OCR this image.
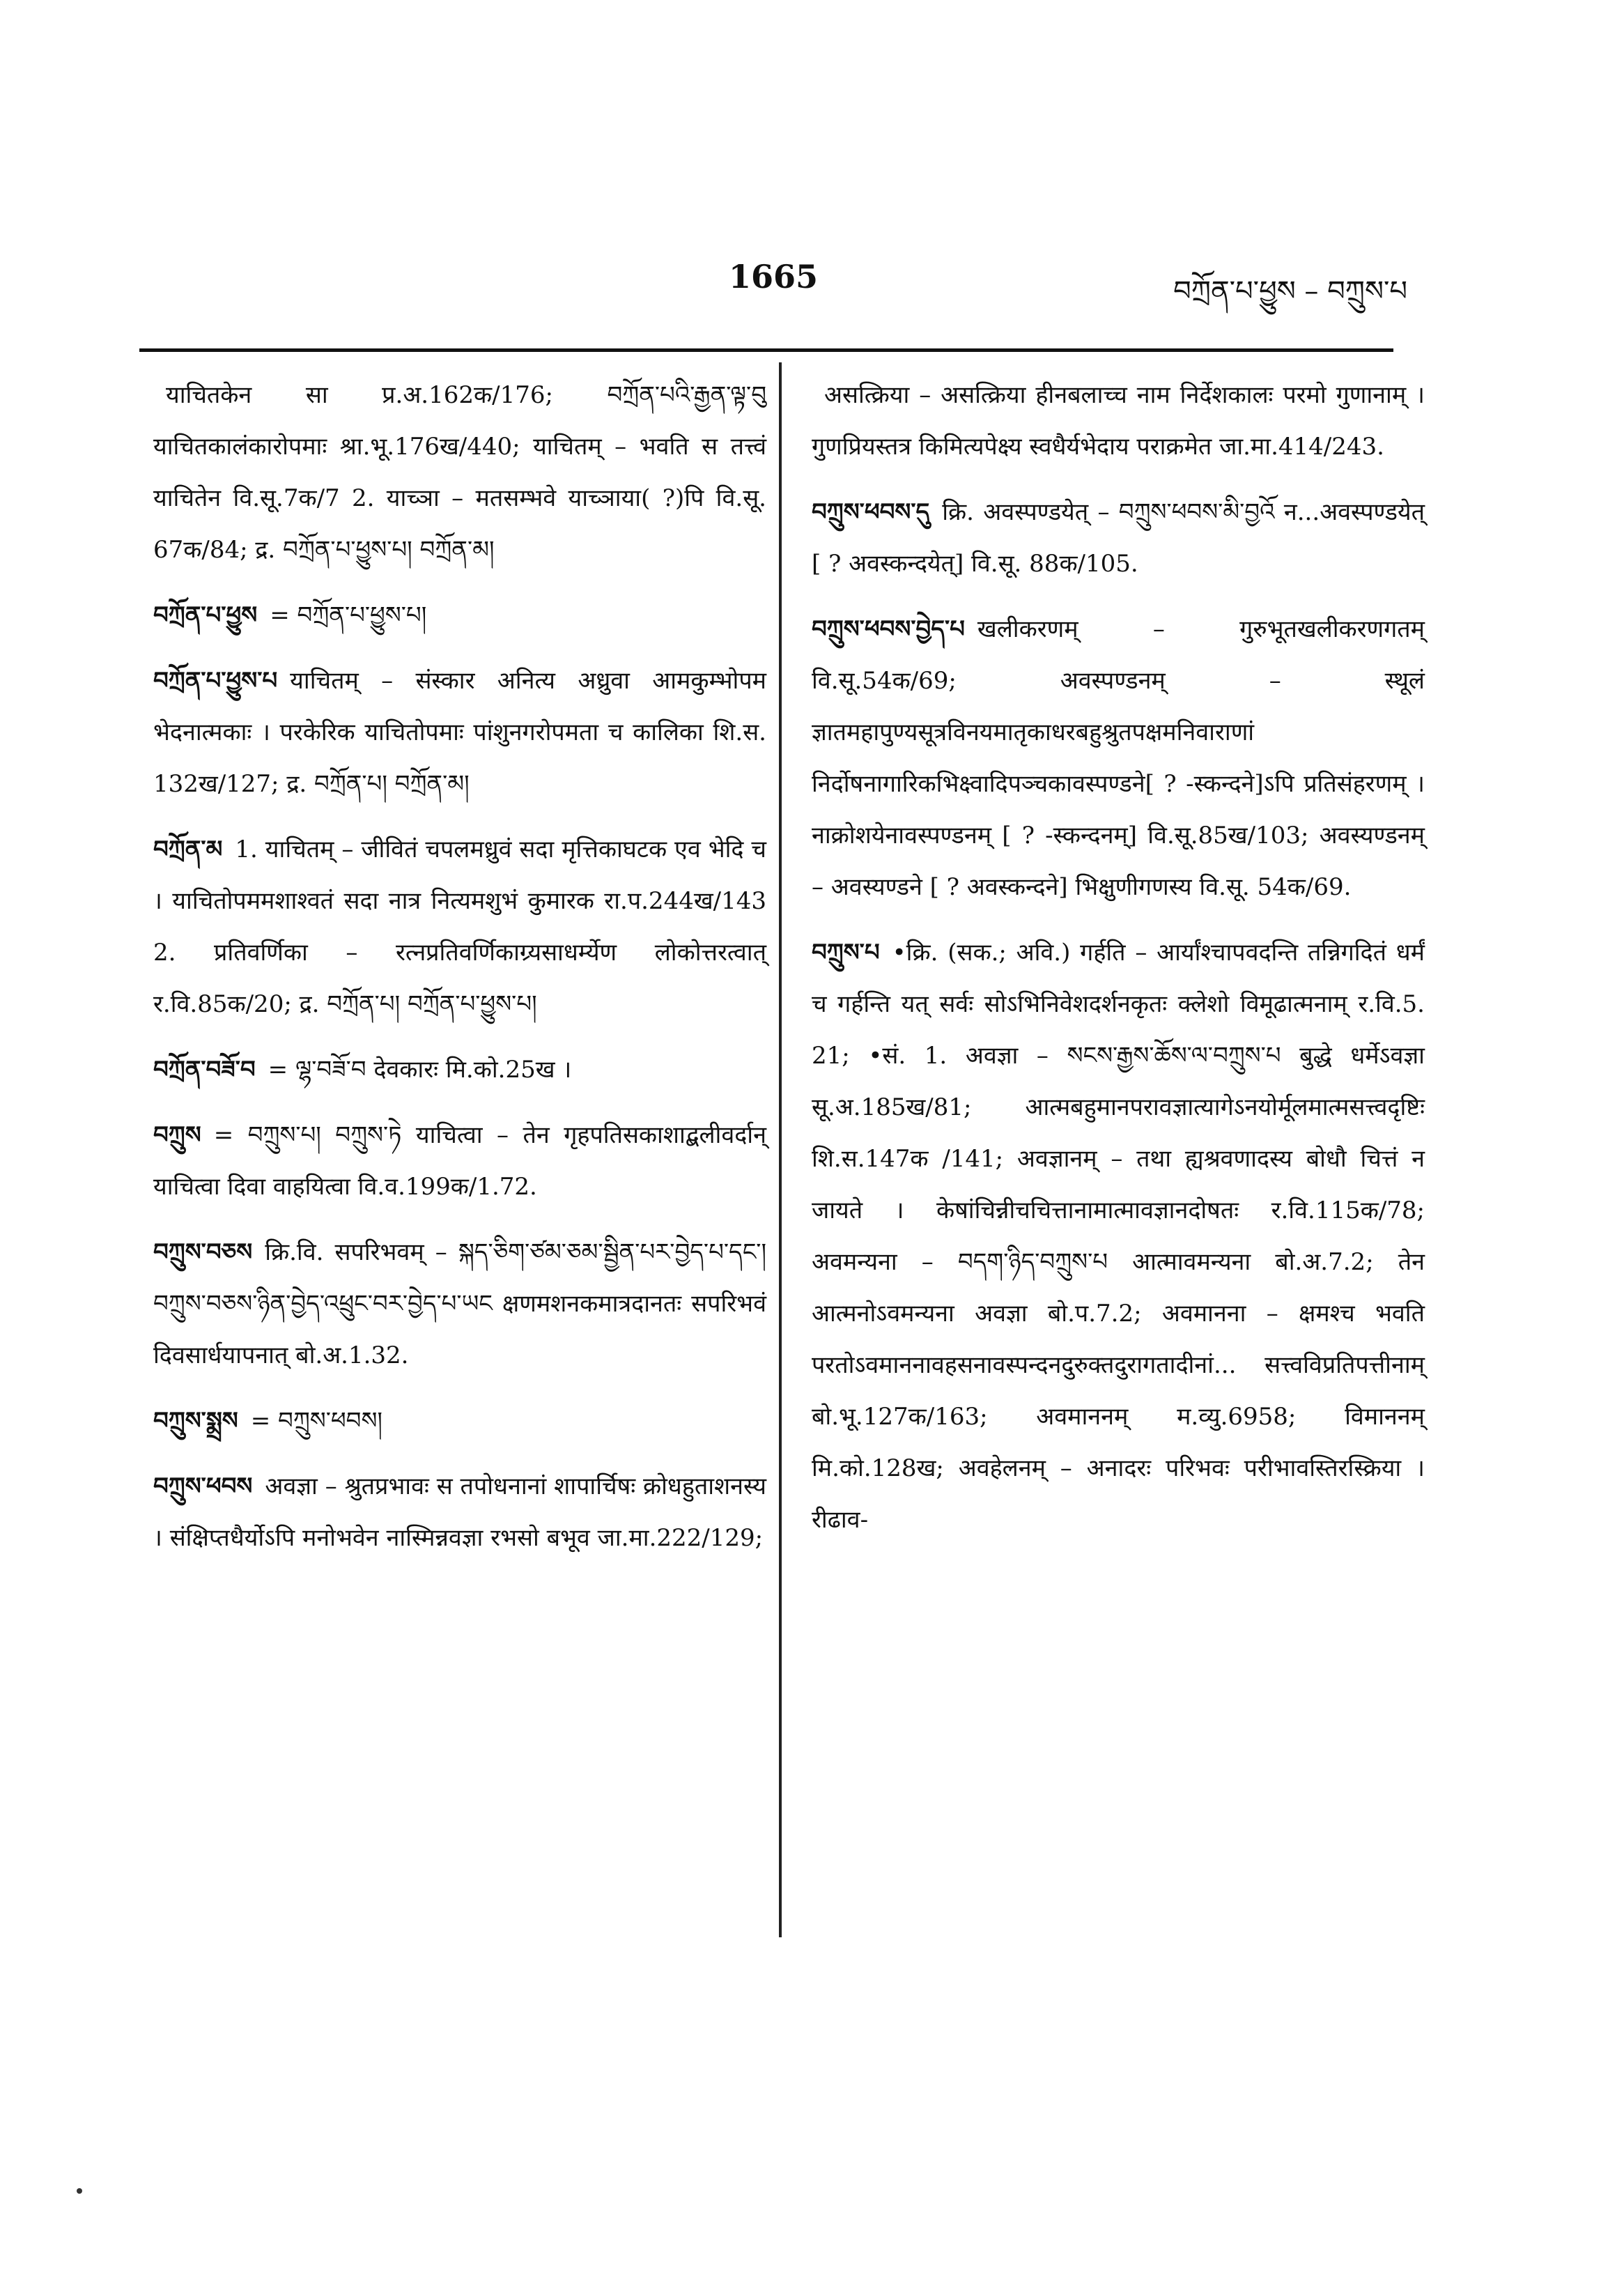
1665	བཀྲོན་པ་ཕྱུས – བཀྲུས་པ
याचितकेन सा प्र.अ.162क/176; བཀྲོན་པའི་རྒྱན་ལྟ་བུ याचितकालंकारोपमाः श्रा.भू.176ख/440; याचितम् – भवति स तत्त्वं याचितेन वि.सू.7क/7 2. याच्ञा – मतसम्भवे याच्ञाया( ?)पि वि.सू. 67क/84; द्र. བཀྲོན་པ་ཕྱུས་པ། བཀྲོན་མ།
བཀྲོན་པ་ཕྱུས = བཀྲོན་པ་ཕྱུས་པ།
བཀྲོན་པ་ཕྱུས་པ याचितम् – संस्कार अनित्य अध्रुवा आमकुम्भोपम भेदनात्मकाः । परकेरिक याचितोपमाः पांशुनगरोपमता च कालिका शि.स. 132ख/127; द्र. བཀྲོན་པ། བཀྲོན་མ།
བཀྲོན་མ 1. याचितम् – जीवितं चपलमध्रुवं सदा मृत्तिकाघटक एव भेदि च । याचितोपममशाश्वतं सदा नात्र नित्यमशुभं कुमारक रा.प.244ख/143 2. प्रतिवर्णिका – रत्नप्रतिवर्णिकाग्र्यसाधर्म्येण लोकोत्तरत्वात् र.वि.85क/20; द्र. བཀྲོན་པ། བཀྲོན་པ་ཕྱུས་པ།
བཀྲོན་བཟོ་བ = ལྷ་བཟོ་བ देवकारः मि.को.25ख ।
བཀྲུས = བཀྲུས་པ། བཀྲུས་ཏེ याचित्वा – तेन गृहपतिसकाशाद्बलीवर्दान् याचित्वा दिवा वाहयित्वा वि.व.199क/1.72.
བཀྲུས་བཅས क्रि.वि. सपरिभवम् – སྐད་ཅིག་ཙམ་ཅམ་སྦྱིན་པར་བྱེད་པ་དང་། བཀྲུས་བཅས་ཉིན་བྱེད་འཕྲུང་བར་བྱེད་པ་ཡང क्षणमशनकमात्रदानतः सपरिभवं दिवसार्धयापनात् बो.अ.1.32.
བཀྲུས་སྨྲས = བཀྲུས་ཕབས།
བཀྲུས་ཕབས अवज्ञा – श्रुतप्रभावः स तपोधनानां शापार्चिषः क्रोधहुताशनस्य । संक्षिप्तधैर्योऽपि मनोभवेन नास्मिन्नवज्ञा रभसो बभूव जा.मा.222/129;
असत्क्रिया – असत्क्रिया हीनबलाच्च नाम निर्देशकालः परमो गुणानाम् । गुणप्रियस्तत्र किमित्यपेक्ष्य स्वधैर्यभेदाय पराक्रमेत जा.मा.414/243.
བཀྲུས་ཕབས་དུ क्रि. अवस्पण्डयेत् – བཀྲུས་ཕབས་མི་བྱའོ न...अवस्पण्डयेत् [ ? अवस्कन्दयेत्] वि.सू. 88क/105.
བཀྲུས་ཕབས་བྱེད་པ खलीकरणम् – गुरुभूतखलीकरणगतम् वि.सू.54क/69; अवस्पण्डनम् – स्थूलं ज्ञातमहापुण्यसूत्रविनयमातृकाधरबहुश्रुतपक्षमनिवाराणां निर्दोषनागारिकभिक्ष्वादिपञ्चकावस्पण्डने[ ? -स्कन्दने]ऽपि प्रतिसंहरणम् । नाक्रोशयेनावस्पण्डनम् [ ? -स्कन्दनम्] वि.सू.85ख/103; अवस्यण्डनम् – अवस्यण्डने [ ? अवस्कन्दने] भिक्षुणीगणस्य वि.सू. 54क/69.
བཀྲུས་པ •क्रि. (सक.; अवि.) गर्हति – आर्यांश्चापवदन्ति तन्निगदितं धर्मं च गर्हन्ति यत् सर्वः सोऽभिनिवेशदर्शनकृतः क्लेशो विमूढात्मनाम् र.वि.5. 21; •सं. 1. अवज्ञा – སངས་རྒྱས་ཆོས་ལ་བཀྲུས་པ बुद्धे धर्मेऽवज्ञा सू.अ.185ख/81; आत्मबहुमानपरावज्ञात्यागेऽनयोर्मूलमात्मसत्त्वदृष्टिः शि.स.147क /141; अवज्ञानम् – तथा ह्यश्रवणादस्य बोधौ चित्तं न जायते । केषांचिन्नीचचित्तानामात्मावज्ञानदोषतः र.वि.115क/78; अवमन्यना – བདག་ཉིད་བཀྲུས་པ आत्मावमन्यना बो.अ.7.2; तेन आत्मनोऽवमन्यना अवज्ञा बो.प.7.2; अवमानना – क्षमश्च भवति परतोऽवमाननावहसनावस्पन्दनदुरुक्तदुरागतादीनां... सत्त्वविप्रतिपत्तीनाम् बो.भू.127क/163; अवमाननम् म.व्यु.6958; विमाननम् मि.को.128ख; अवहेलनम् – अनादरः परिभवः परीभावस्तिरस्क्रिया । रीढाव-
